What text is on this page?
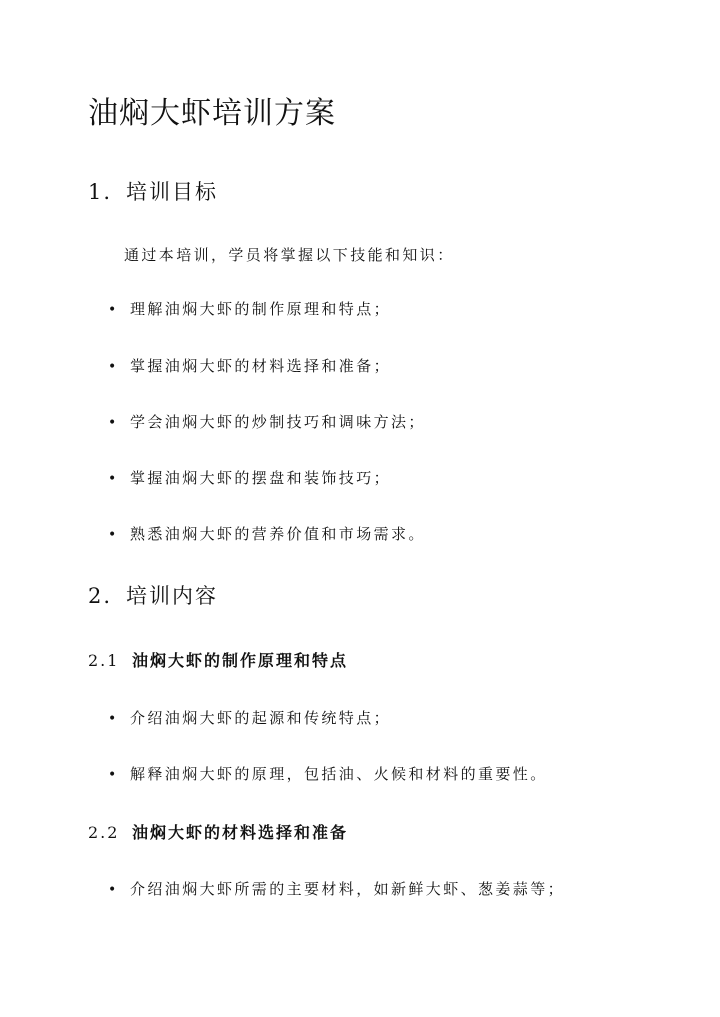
油焖大虾培训方案
1. 培训目标

通过本培训，学员将掌握以下技能和知识：

• 理解油焖大虾的制作原理和特点；

• 掌握油焖大虾的材料选择和准备；

• 学会油焖大虾的炒制技巧和调味方法；

• 掌握油焖大虾的摆盘和装饰技巧；

• 熟悉油焖大虾的营养价值和市场需求。

2. 培训内容
2.1 油焖大虾的制作原理和特点

• 介绍油焖大虾的起源和传统特点；

• 解释油焖大虾的原理，包括油、火候和材料的重要性。

2.2 油焖大虾的材料选择和准备

• 介绍油焖大虾所需的主要材料，如新鲜大虾、葱姜蒜等；
